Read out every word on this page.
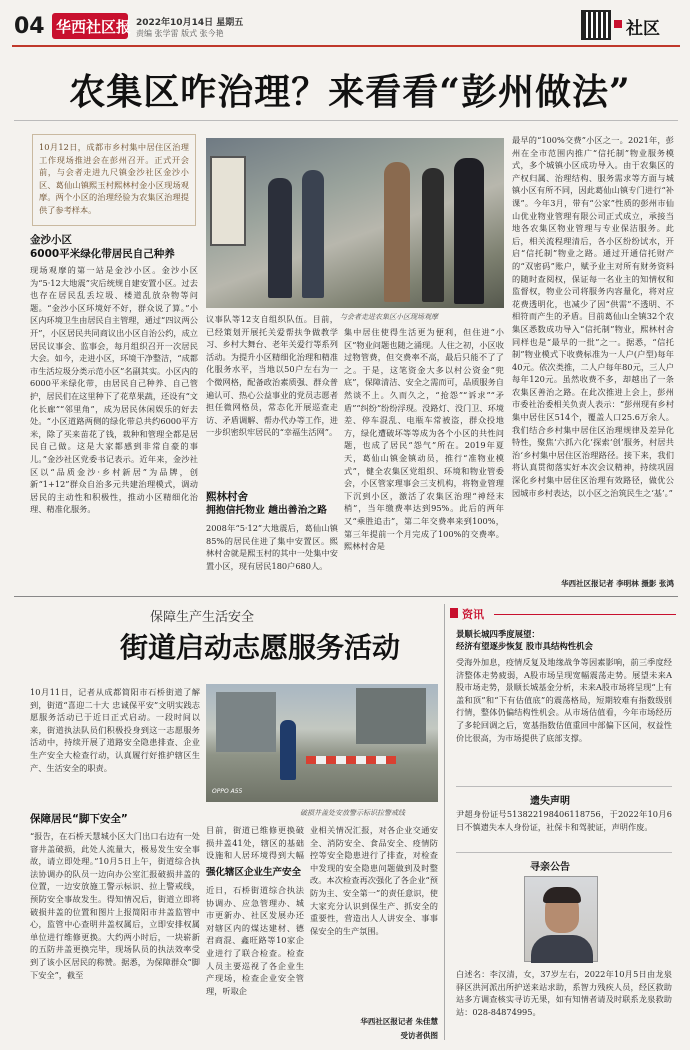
04 华西社区报 2022年10月14日 星期五
责编 张学雷 版式 张今艳	社区
农集区咋治理？来看看“彭州做法”
10月12日，成都市乡村集中居住区治理工作现场推进会在彭州召开。正式开会前，与会者走进九尺镇金沙社区金沙小区、葛仙山镇熙玉村熙林村金小区现场观摩。两个小区的治理经验为农集区治理提供了参考样本。
金沙小区
6000平米绿化带居民自己种养
现场观摩的第一站是金沙小区。金沙小区为“5·12大地震”灾后统规自建安置小区。过去也存在居民乱丢垃圾、楼道乱放杂物等问题。“金沙小区环境好不好，群众说了算。”小区内环境卫生由居民自主管理，通过“四议两公开”，小区居民共同商议出小区自治公约，成立居民议事会、监事会，每月组织召开一次居民大会。如今，走进小区，环境干净整洁，“成都市生活垃圾分类示范小区”名副其实。小区内的6000平米绿化带，由居民自己种养、自己管护，居民们在这里种下了花草果蔬，还设有“文化长廊”“邻里角”，成为居民休闲娱乐的好去处。“小区道路两侧的绿化带总共约6000平方米，除了买来苗花了钱，栽种和管理全都是居民自己做。这是大家都感到非常自豪的事儿。”金沙社区党委书记表示。近年来，金沙社区以“品质金沙·乡村新居”为品牌，创新“1+12”群众自治多元共建治理模式，调动居民的主动性和积极性，推动小区精细化治理、精准化服务。
与会者走进农集区小区现场观摩
议事队等12支自组织队伍。目前，已经策划开展托关爱帮扶争做教学习、乡村大舞台、老年关爱行等系列活动。为提升小区精细化治理和精准化服务水平，当地以50户左右为一个微网格，配备政治素质强、群众普遍认可、热心公益事业的党员志愿者担任微网格员，常态化开展巡查走访、矛盾调解、帮办代办等工作，进一步织密织牢居民的“幸福生活网”。
熙林村舍
拥抱信托物业 趟出善治之路
2008年“5·12”大地震后，葛仙山镇85%的居民住进了集中安置区。熙林村舍就是熙玉村的其中一处集中安置小区，现有居民180户680人。
集中居住使得生活更为便利，但住进“小区”物业问题也随之涌现。人住之初，小区收过物管费，但交费率不高，最后只能不了了之。于是，这笔资金大多以村公资金“兜底”，保障清洁、安全之需而可，品质服务自然谈不上。久而久之，“抢怨”“诉求”“矛盾”“纠纷”纷纷浮现。没路灯、没门卫、环境差、停车混乱、电瓶车常被盗，群众投地方，绿化遭破坏等等成为各个小区的共性问题，也成了居民“怨气”所在。2019年夏天，葛仙山镇金镇动员，推行“准物业模式”，健全农集区党组织、环境和物业管委会，小区管家理事会三支机构，将物业管理下沉到小区，激活了农集区治理“神经末梢”，当年缴费率达到95%。此后的两年又“乘胜追击”，第二年交费率来到100%，第三年提前一个月完成了100%的交费率。熙林村舍是
最早的“100%交费”小区之一。2021年，彭州在全市范围内推广“信托制”物业服务模式，多个城镇小区成功导入。由于农集区的产权归属、治理结构、服务需求等方面与城镇小区有所不同，因此葛仙山镇专门进行“补课”。今年3月，带有“公家”性质的彭州市仙山优业物业管理有限公司正式成立，承接当地各农集区物业管理与专业保洁服务。此后，相关流程理清后，各小区纷纷试水，开启“信托制”物业之路。通过开通信托财产的“双密码”账户，赋予业主对所有财务资料的随时查阅权，保证每一名业主的知情权和监督权，物业公司将服务内容量化，将对应花费透明化，也减少了因“供需”不透明、不相符而产生的矛盾。目前葛仙山全镇32个农集区悉数成功导入“信托制”物业，熙林村舍同样也是“最早的一批”之一。据悉，“信托制”物业模式下收费标准为一人户(户型)每年40元。依次类推，二人户每年80元，三人户每年120元。虽然收费不多，却越出了一条农集区善治之路。在此次推进上会上，彭州市委社治委相关负责人表示：“彭州现有乡村集中居住区514个，覆盖人口25.6万余人。我们结合乡村集中居住区治理规律及差异化特性，聚焦‘六抓六化’探索‘创’服务，村居共治‘乡村集中居住区治理路径。接下来，我们将认真贯彻落实好本次会议精神，持续巩固深化乡村集中居住区治理有效路径，做优公园城市乡村表达，以小区之治筑民生之‘基’。”
华西社区报记者 李明林 摄影 张鸿
保障生产生活安全
街道启动志愿服务活动
10月11日，记者从成都简阳市石桥街道了解到，街道“喜迎二十大 忠诚保平安”文明实践志愿服务活动已于近日正式启动。一段时间以来，街道执法队员们积极投身到这一志愿服务活动中，持续开展了道路安全隐患排查、企业生产安全大检查行动，认真履行好推护辖区生产、生活安全的职责。
保障居民“脚下安全”
“报告，在石桥天慧城小区大门出口右边有一处窨井盖破损，此处人流量大，极易发生安全事故，请立即处理。”10月5日上午，街道综合执法协调办的队员一边向办公室汇报破损井盖的位置，一边安放施工警示标识、拉上警戒线，预防安全事故发生。得知情况后，街道立即将破损井盖的位置和图片上报简阳市井盖监管中心，监管中心查明井盖权属后，立即安排权属单位进行维修更换。大约两小时后，一块崭新的五防井盖更换完毕，现场队员的执法效率受到了该小区居民的称赞。据悉，为保障群众“脚下安全”，截至
OPPO A55
破损井盖处安放警示标识拉警戒线
目前，街道已维修更换破损井盖41处，辖区的基础设施和人居环境得到大幅
强化辖区企业生产安全
近日，石桥街道综合执法协调办、应急管理办、城市更新办、社区发展办还对辖区内的煤达建材、德君商混、鑫旺路等10家企业进行了联合检查。检查人员主要巡视了各企业生产现场，检查企业安全管理，听取企
业相关情况汇报，对各企业交通安全、消防安全、食品安全、疫情防控等安全隐患进行了排查，对检查中发现的安全隐患问题做到及时整改。本次检查再次强化了各企业“预防为主、安全第一”的责任意识，使大家充分认识到保生产、抓安全的重要性，营造出人人讲安全、事事保安全的生产氛围。
华西社区报记者 朱佳慧
受访者供图
资讯
景顺长城四季度展望：
经济有望逐步恢复 股市具结构性机会
受海外加息，疫情反复及地缘战争等因素影响，前三季度经济整体走势疲弱，A股市场呈现宽幅震荡走势。展望未来A股市场走势，景顺长城基金分析，未来A股市场将呈现“上有盖和顶”和“下有估值底”的震荡格局，短期较难有指数级别行情，整体仍偏结构性机会。从市场估值看，今年市场经历了多轮回调之后，宽基指数估值重回中部偏下区间，权益性价比很高，为市场提供了底部支撑。
遗失声明
尹超身份证号513822198406118756，于2022年10月6日不慎遗失本人身份证，社保卡和驾驶证，声明作废。
寻亲公告
白述名：李汉清，女，37岁左右，2022年10月5日由龙泉驿区洪河派出所护送来站求助，系智力残疾人员，经区救助站多方调查核实寻访无果，如有知情者请及时联系龙泉救助站：028-84874995。
